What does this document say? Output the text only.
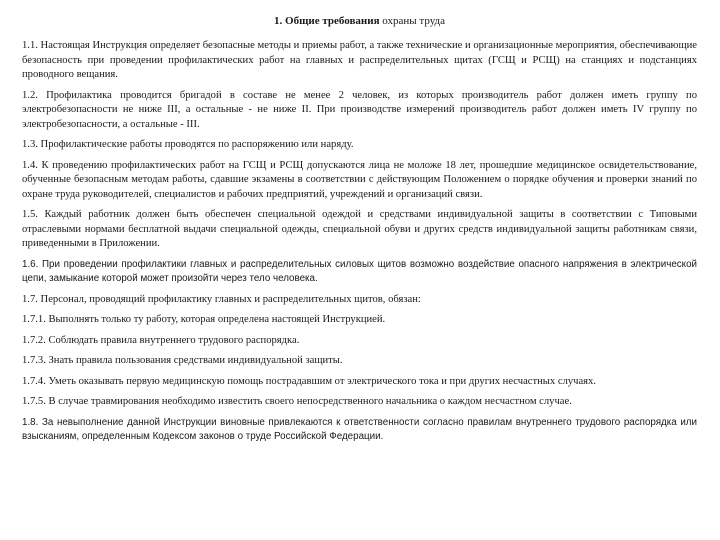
1. Общие требования охраны труда

1.1. Настоящая Инструкция определяет безопасные методы и приемы работ, а также технические и организационные мероприятия, обеспечивающие безопасность при проведении профилактических работ на главных и распределительных щитах (ГСЩ и РСЩ) на станциях и подстанциях проводного вещания.

1.2. Профилактика проводится бригадой в составе не менее 2 человек, из которых производитель работ должен иметь группу по электробезопасности не ниже III, а остальные - не ниже II. При производстве измерений производитель работ должен иметь IV группу по электробезопасности, а остальные - III.

1.3. Профилактические работы проводятся по распоряжению или наряду.

1.4. К проведению профилактических работ на ГСЩ и РСЩ допускаются лица не моложе 18 лет, прошедшие медицинское освидетельствование, обученные безопасным методам работы, сдавшие экзамены в соответствии с действующим Положением о порядке обучения и проверки знаний по охране труда руководителей, специалистов и рабочих предприятий, учреждений и организаций связи.

1.5. Каждый работник должен быть обеспечен специальной одеждой и средствами индивидуальной защиты в соответствии с Типовыми отраслевыми нормами бесплатной выдачи специальной одежды, специальной обуви и других средств индивидуальной защиты работникам связи, приведенными в Приложении.

1.6. При проведении профилактики главных и распределительных силовых щитов возможно воздействие опасного напряжения в электрической цепи, замыкание которой может произойти через тело человека.

1.7. Персонал, проводящий профилактику главных и распределительных щитов, обязан:

1.7.1. Выполнять только ту работу, которая определена настоящей Инструкцией.

1.7.2. Соблюдать правила внутреннего трудового распорядка.

1.7.3. Знать правила пользования средствами индивидуальной защиты.

1.7.4. Уметь оказывать первую медицинскую помощь пострадавшим от электрического тока и при других несчастных случаях.

1.7.5. В случае травмирования необходимо известить своего непосредственного начальника о каждом несчастном случае.

1.8. За невыполнение данной Инструкции виновные привлекаются к ответственности согласно правилам внутреннего трудового распорядка или взысканиям, определенным Кодексом законов о труде Российской Федерации.
